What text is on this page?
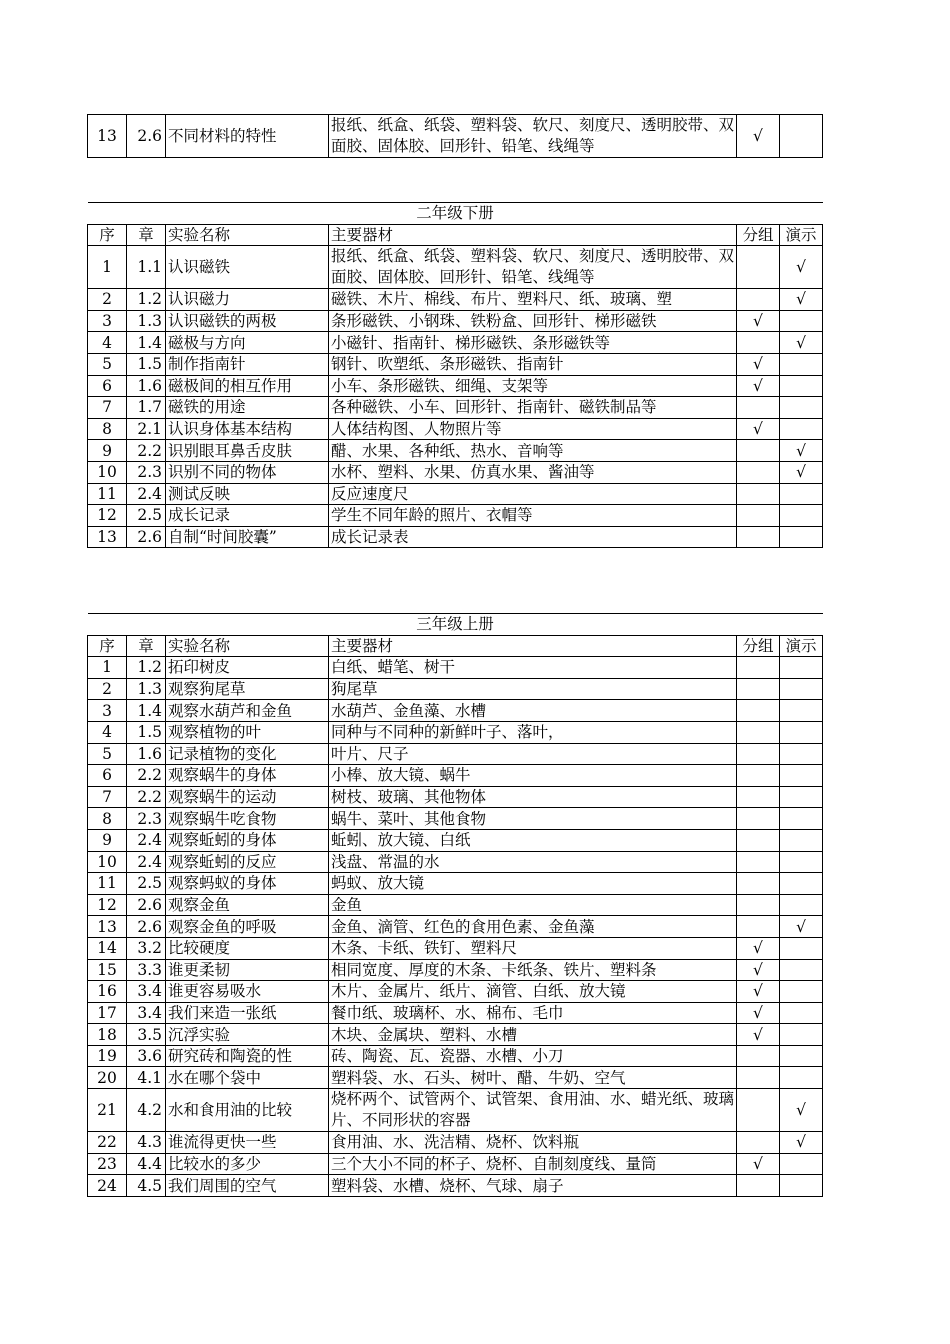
13	2.6	不同材料的特性	报纸、纸盒、纸袋、塑料袋、软尺、刻度尺、透明胶带、双面胶、固体胶、回形针、铅笔、线绳等	√	
二年级下册					
序	章	实验名称	主要器材	分组	演示
1	1.1	认识磁铁	报纸、纸盒、纸袋、塑料袋、软尺、刻度尺、透明胶带、双面胶、固体胶、回形针、铅笔、线绳等		√
2	1.2	认识磁力	磁铁、木片、棉线、布片、塑料尺、纸、玻璃、塑		√
3	1.3	认识磁铁的两极	条形磁铁、小钢珠、铁粉盒、回形针、梯形磁铁	√	
4	1.4	磁极与方向	小磁针、指南针、梯形磁铁、条形磁铁等		√
5	1.5	制作指南针	钢针、吹塑纸、条形磁铁、指南针	√	
6	1.6	磁极间的相互作用	小车、条形磁铁、细绳、支架等	√	
7	1.7	磁铁的用途	各种磁铁、小车、回形针、指南针、磁铁制品等		
8	2.1	认识身体基本结构	人体结构图、人物照片等	√	
9	2.2	识别眼耳鼻舌皮肤	醋、水果、各种纸、热水、音响等		√
10	2.3	识别不同的物体	水杯、塑料、水果、仿真水果、酱油等		√
11	2.4	测试反映	反应速度尺		
12	2.5	成长记录	学生不同年龄的照片、衣帽等		
13	2.6	自制“时间胶囊”	成长记录表		
三年级上册					
序	章	实验名称	主要器材	分组	演示
1	1.2	拓印树皮	白纸、蜡笔、树干		
2	1.3	观察狗尾草	狗尾草		
3	1.4	观察水葫芦和金鱼	水葫芦、金鱼藻、水槽		
4	1.5	观察植物的叶	同种与不同种的新鲜叶子、落叶，		
5	1.6	记录植物的变化	叶片、尺子		
6	2.2	观察蜗牛的身体	小棒、放大镜、蜗牛		
7	2.2	观察蜗牛的运动	树枝、玻璃、其他物体		
8	2.3	观察蜗牛吃食物	蜗牛、菜叶、其他食物		
9	2.4	观察蚯蚓的身体	蚯蚓、放大镜、白纸		
10	2.4	观察蚯蚓的反应	浅盘、常温的水		
11	2.5	观察蚂蚁的身体	蚂蚁、放大镜		
12	2.6	观察金鱼	金鱼		
13	2.6	观察金鱼的呼吸	金鱼、滴管、红色的食用色素、金鱼藻		√
14	3.2	比较硬度	木条、卡纸、铁钉、塑料尺	√	
15	3.3	谁更柔韧	相同宽度、厚度的木条、卡纸条、铁片、塑料条	√	
16	3.4	谁更容易吸水	木片、金属片、纸片、滴管、白纸、放大镜	√	
17	3.4	我们来造一张纸	餐巾纸、玻璃杯、水、棉布、毛巾	√	
18	3.5	沉浮实验	木块、金属块、塑料、水槽	√	
19	3.6	研究砖和陶瓷的性	砖、陶瓷、瓦、瓷器、水槽、小刀		
20	4.1	水在哪个袋中	塑料袋、水、石头、树叶、醋、牛奶、空气		
21	4.2	水和食用油的比较	烧杯两个、试管两个、试管架、食用油、水、蜡光纸、玻璃片、不同形状的容器		√
22	4.3	谁流得更快一些	食用油、水、洗洁精、烧杯、饮料瓶		√
23	4.4	比较水的多少	三个大小不同的杯子、烧杯、自制刻度线、量筒	√	
24	4.5	我们周围的空气	塑料袋、水槽、烧杯、气球、扇子		
